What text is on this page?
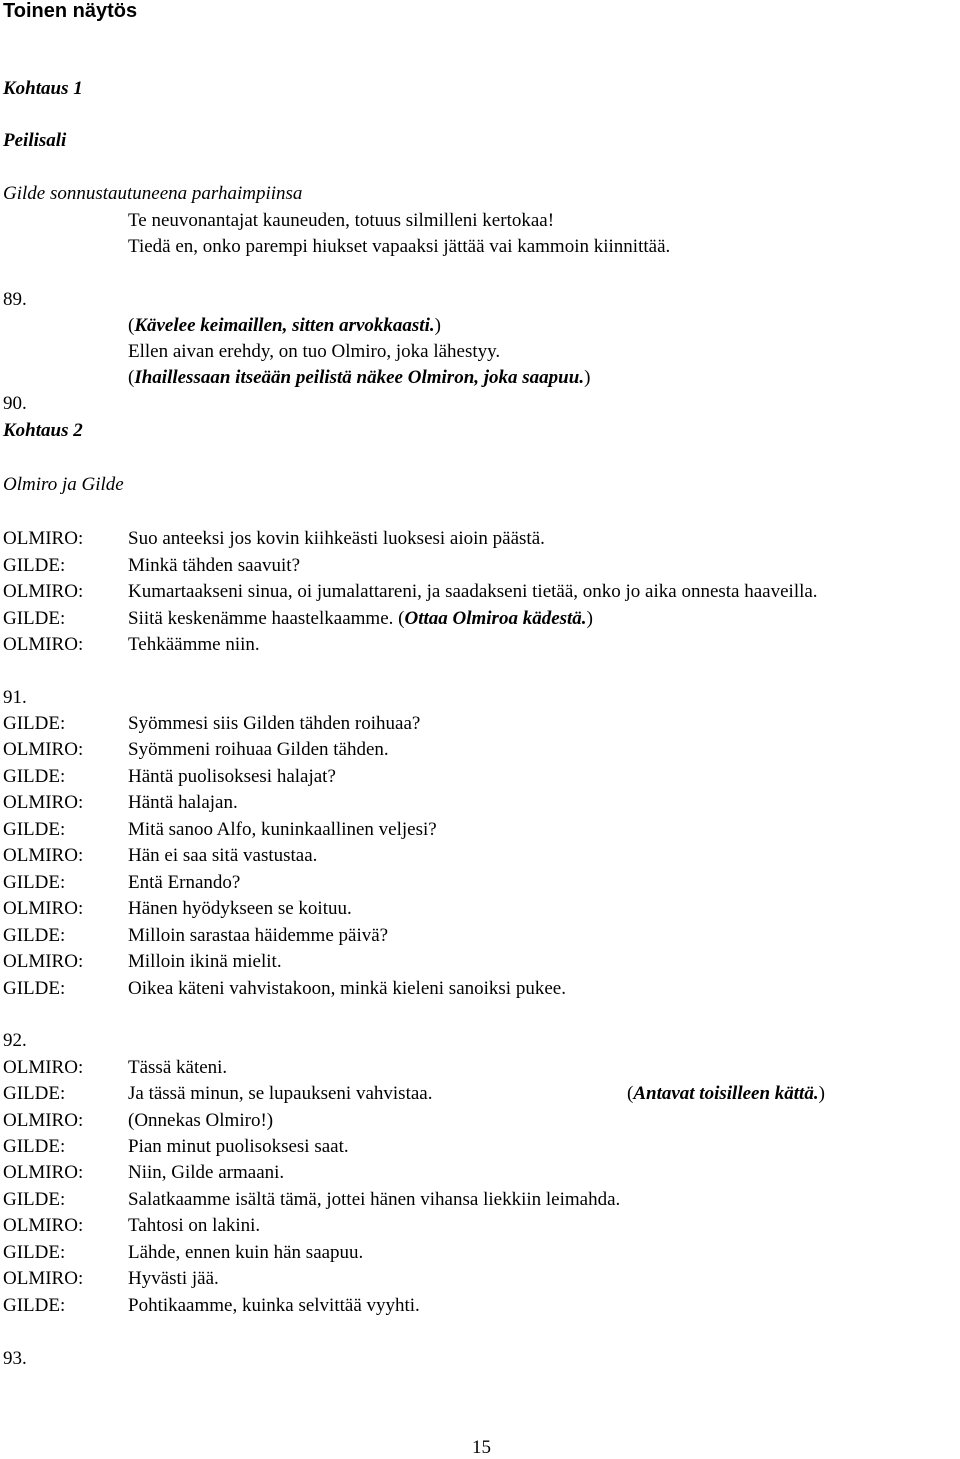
Toinen näytös
Kohtaus 1
Peilisali
Gilde sonnustautuneena parhaimpiinsa
Te neuvonantajat kauneuden, totuus silmilleni kertokaa!
Tiedä en, onko parempi hiukset vapaaksi jättää vai kammoin kiinnittää.
89.
(Kävelee keimaillen, sitten arvokkaasti.)
Ellen aivan erehdy, on tuo Olmiro, joka lähestyy.
(Ihaillessaan itseään peilistä näkee Olmiron, joka saapuu.)
90.
Kohtaus 2
Olmiro ja Gilde
OLMIRO: Suo anteeksi jos kovin kiihkeästi luoksesi aioin päästä.
GILDE:	Minkä tähden saavuit?
OLMIRO: Kumartaakseni sinua, oi jumalattareni, ja saadakseni tietää, onko jo aika onnesta haaveilla.
GILDE:	Siitä keskenämme haastelkaamme. (Ottaa Olmiroa kädestä.)
OLMIRO: Tehkäämme niin.
91.
GILDE:	Syömmesi siis Gilden tähden roihuaa?
OLMIRO: Syömmeni roihuaa Gilden tähden.
GILDE:	Häntä puolisoksesi halajat?
OLMIRO: Häntä halajan.
GILDE:	Mitä sanoo Alfo, kuninkaallinen veljesi?
OLMIRO: Hän ei saa sitä vastustaa.
GILDE:	Entä Ernando?
OLMIRO: Hänen hyödykseen se koituu.
GILDE:	Milloin sarastaa häidemme päivä?
OLMIRO: Milloin ikinä mielit.
GILDE:	Oikea käteni vahvistakoon, minkä kieleni sanoiksi pukee.
92.
OLMIRO: Tässä käteni.
GILDE:	Ja tässä minun, se lupaukseni vahvistaa.	(Antavat toisilleen kättä.)
OLMIRO: (Onnekas Olmiro!)
GILDE:	Pian minut puolisoksesi saat.
OLMIRO: Niin, Gilde armaani.
GILDE:	Salatkaamme isältä tämä, jottei hänen vihansa liekkiin leimahda.
OLMIRO: Tahtosi on lakini.
GILDE:	Lähde, ennen kuin hän saapuu.
OLMIRO: Hyvästi jää.
GILDE:	Pohtikaamme, kuinka selvittää vyyhti.
93.
15
